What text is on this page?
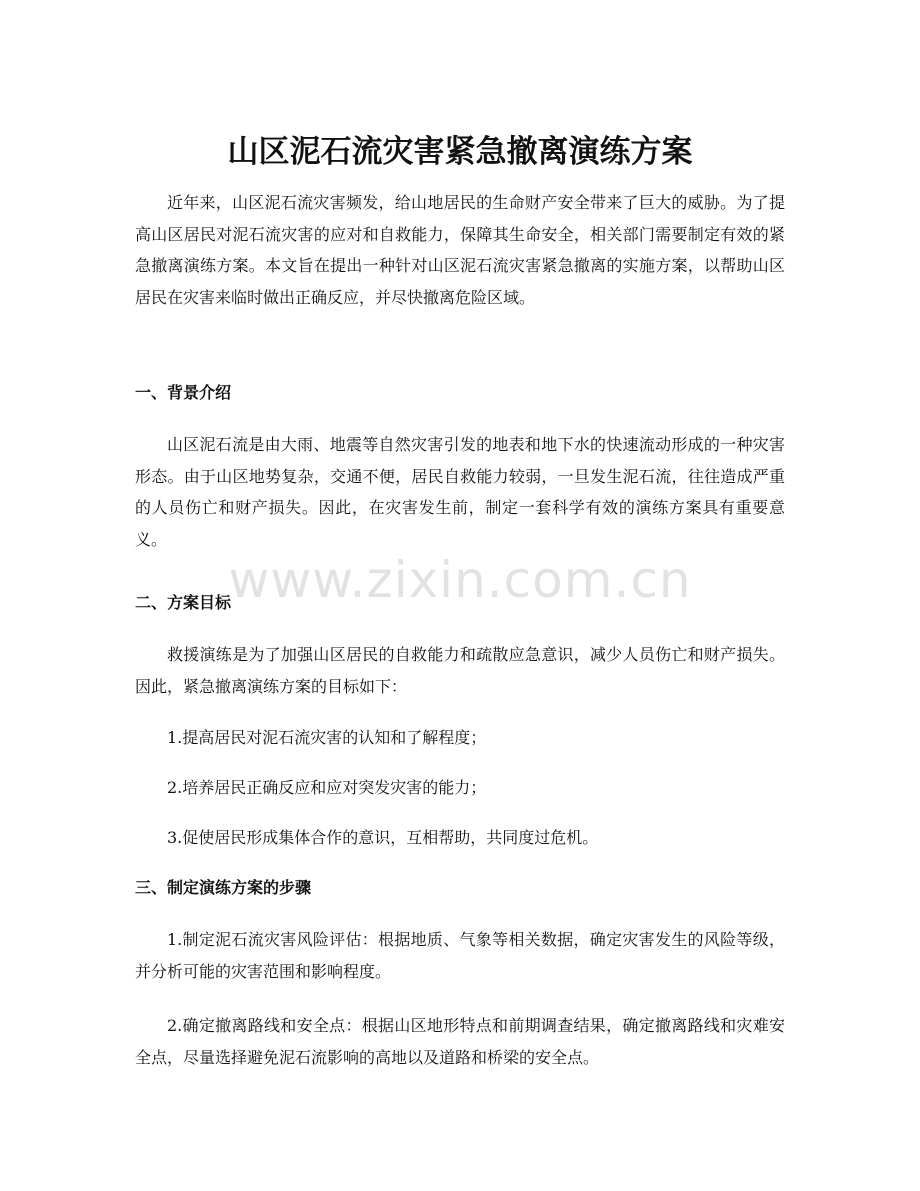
山区泥石流灾害紧急撤离演练方案

近年来，山区泥石流灾害频发，给山地居民的生命财产安全带来了巨大的威胁。为了提高山区居民对泥石流灾害的应对和自救能力，保障其生命安全，相关部门需要制定有效的紧急撤离演练方案。本文旨在提出一种针对山区泥石流灾害紧急撤离的实施方案，以帮助山区居民在灾害来临时做出正确反应，并尽快撤离危险区域。

一、背景介绍

山区泥石流是由大雨、地震等自然灾害引发的地表和地下水的快速流动形成的一种灾害形态。由于山区地势复杂，交通不便，居民自救能力较弱，一旦发生泥石流，往往造成严重的人员伤亡和财产损失。因此，在灾害发生前，制定一套科学有效的演练方案具有重要意义。

二、方案目标

救援演练是为了加强山区居民的自救能力和疏散应急意识，减少人员伤亡和财产损失。因此，紧急撤离演练方案的目标如下：

1.提高居民对泥石流灾害的认知和了解程度；

2.培养居民正确反应和应对突发灾害的能力；

3.促使居民形成集体合作的意识，互相帮助，共同度过危机。

三、制定演练方案的步骤

1.制定泥石流灾害风险评估：根据地质、气象等相关数据，确定灾害发生的风险等级，并分析可能的灾害范围和影响程度。

2.确定撤离路线和安全点：根据山区地形特点和前期调查结果，确定撤离路线和灾难安全点，尽量选择避免泥石流影响的高地以及道路和桥梁的安全点。

www.zixin.com.cn
